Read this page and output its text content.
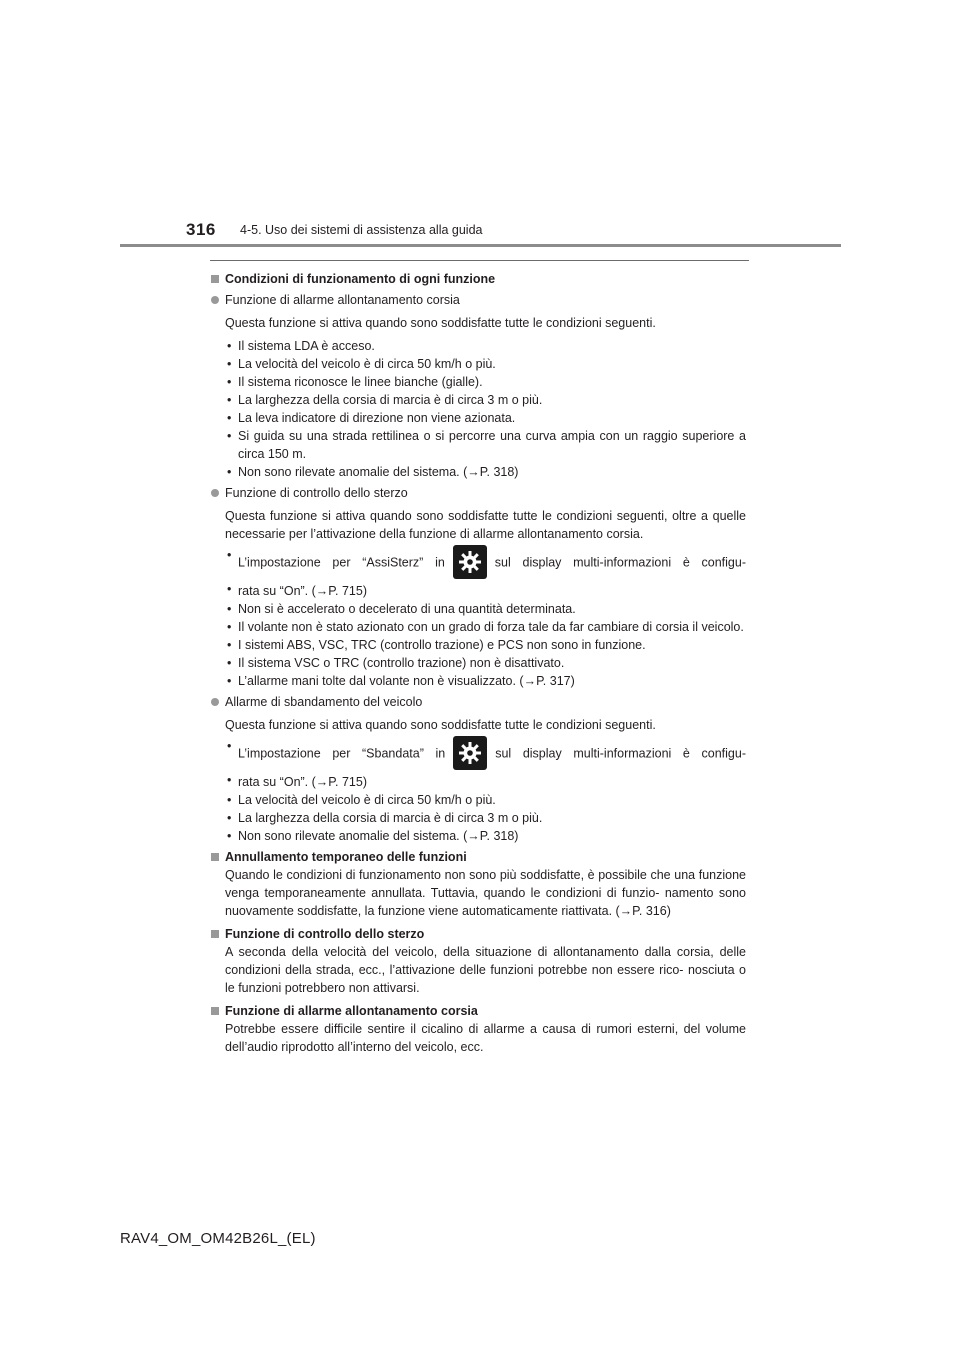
316 4-5. Uso dei sistemi di assistenza alla guida
Condizioni di funzionamento di ogni funzione
Funzione di allarme allontanamento corsia
Questa funzione si attiva quando sono soddisfatte tutte le condizioni seguenti.
• Il sistema LDA è acceso.
• La velocità del veicolo è di circa 50 km/h o più.
• Il sistema riconosce le linee bianche (gialle).
• La larghezza della corsia di marcia è di circa 3 m o più.
• La leva indicatore di direzione non viene azionata.
• Si guida su una strada rettilinea o si percorre una curva ampia con un raggio superiore a circa 150 m.
• Non sono rilevate anomalie del sistema. (→P. 318)
Funzione di controllo dello sterzo
Questa funzione si attiva quando sono soddisfatte tutte le condizioni seguenti, oltre a quelle necessarie per l’attivazione della funzione di allarme allontanamento corsia.
• L’impostazione per “AssiSterz” in	sul display multi-informazioni è configu-
• rata su “On”. (→P. 715)
• Non si è accelerato o decelerato di una quantità determinata.
• Il volante non è stato azionato con un grado di forza tale da far cambiare di corsia il veicolo.
• I sistemi ABS, VSC, TRC (controllo trazione) e PCS non sono in funzione.
• Il sistema VSC o TRC (controllo trazione) non è disattivato.
• L’allarme mani tolte dal volante non è visualizzato. (→P. 317)
Allarme di sbandamento del veicolo
Questa funzione si attiva quando sono soddisfatte tutte le condizioni seguenti.
• L’impostazione per “Sbandata” in	sul display multi-informazioni è configu-
• rata su “On”. (→P. 715)
• La velocità del veicolo è di circa 50 km/h o più.
• La larghezza della corsia di marcia è di circa 3 m o più.
• Non sono rilevate anomalie del sistema. (→P. 318)
Annullamento temporaneo delle funzioni
Quando le condizioni di funzionamento non sono più soddisfatte, è possibile che una funzione venga temporaneamente annullata. Tuttavia, quando le condizioni di funzio- namento sono nuovamente soddisfatte, la funzione viene automaticamente riattivata. (→P. 316)
Funzione di controllo dello sterzo
A seconda della velocità del veicolo, della situazione di allontanamento dalla corsia, delle condizioni della strada, ecc., l’attivazione delle funzioni potrebbe non essere rico- nosciuta o le funzioni potrebbero non attivarsi.
Funzione di allarme allontanamento corsia
Potrebbe essere difficile sentire il cicalino di allarme a causa di rumori esterni, del volume dell’audio riprodotto all’interno del veicolo, ecc.
RAV4_OM_OM42B26L_(EL)
